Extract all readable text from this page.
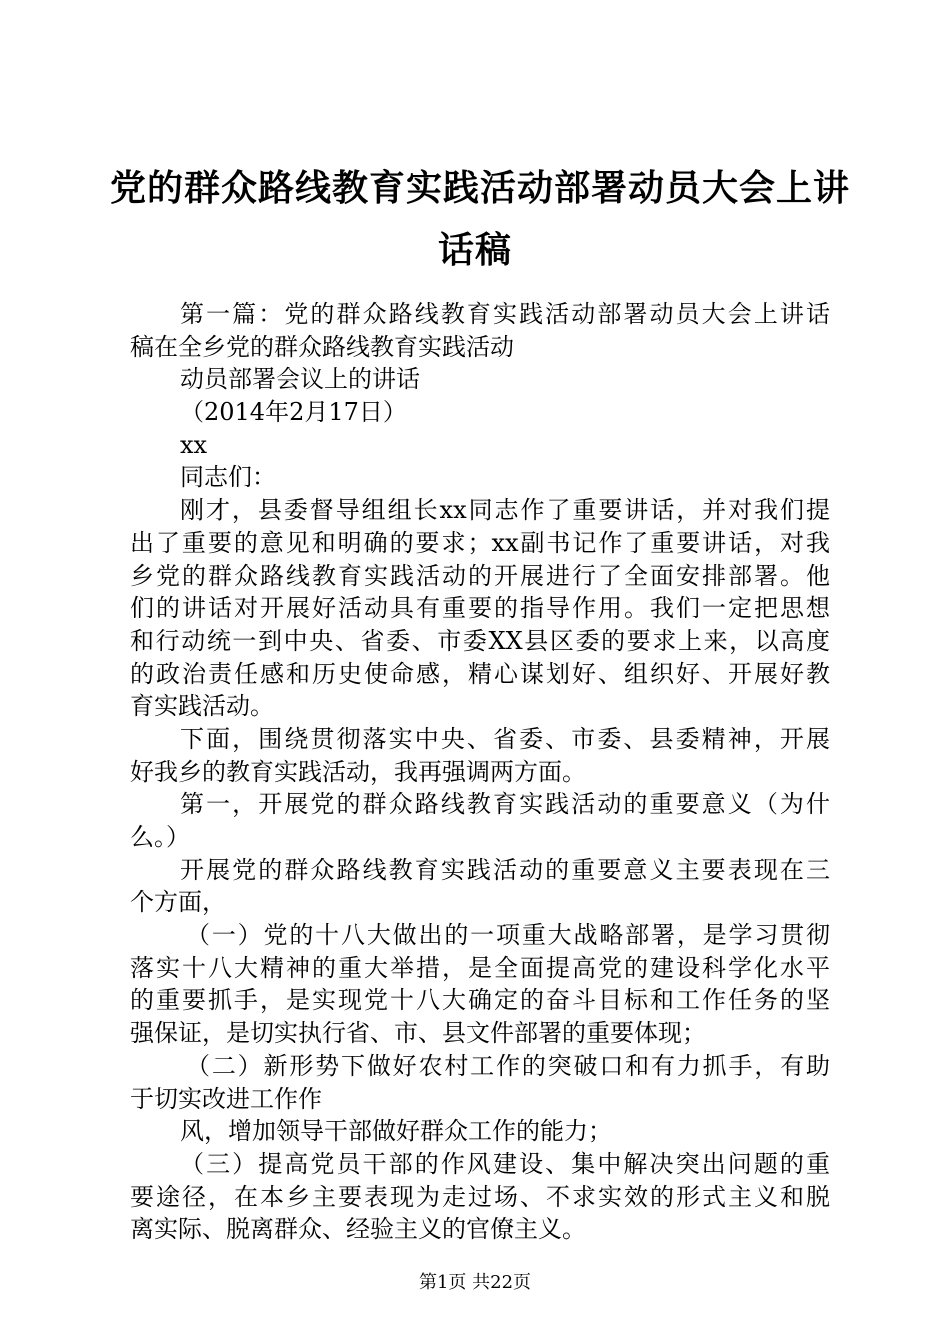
党的群众路线教育实践活动部署动员大会上讲
话稿
第一篇：党的群众路线教育实践活动部署动员大会上讲话
稿在全乡党的群众路线教育实践活动
动员部署会议上的讲话
（2014年2月17日）
xx
同志们：
刚才，县委督导组组长xx同志作了重要讲话，并对我们提
出了重要的意见和明确的要求；xx副书记作了重要讲话，对我
乡党的群众路线教育实践活动的开展进行了全面安排部署。他
们的讲话对开展好活动具有重要的指导作用。我们一定把思想
和行动统一到中央、省委、市委XX县区委的要求上来，以高度
的政治责任感和历史使命感，精心谋划好、组织好、开展好教
育实践活动。
下面，围绕贯彻落实中央、省委、市委、县委精神，开展
好我乡的教育实践活动，我再强调两方面。
第一，开展党的群众路线教育实践活动的重要意义（为什
么。）
开展党的群众路线教育实践活动的重要意义主要表现在三
个方面，
（一）党的十八大做出的一项重大战略部署，是学习贯彻
落实十八大精神的重大举措，是全面提高党的建设科学化水平
的重要抓手，是实现党十八大确定的奋斗目标和工作任务的坚
强保证，是切实执行省、市、县文件部署的重要体现；
（二）新形势下做好农村工作的突破口和有力抓手，有助
于切实改进工作作
风，增加领导干部做好群众工作的能力；
（三）提高党员干部的作风建设、集中解决突出问题的重
要途径，在本乡主要表现为走过场、不求实效的形式主义和脱
离实际、脱离群众、经验主义的官僚主义。
第1页 共22页
